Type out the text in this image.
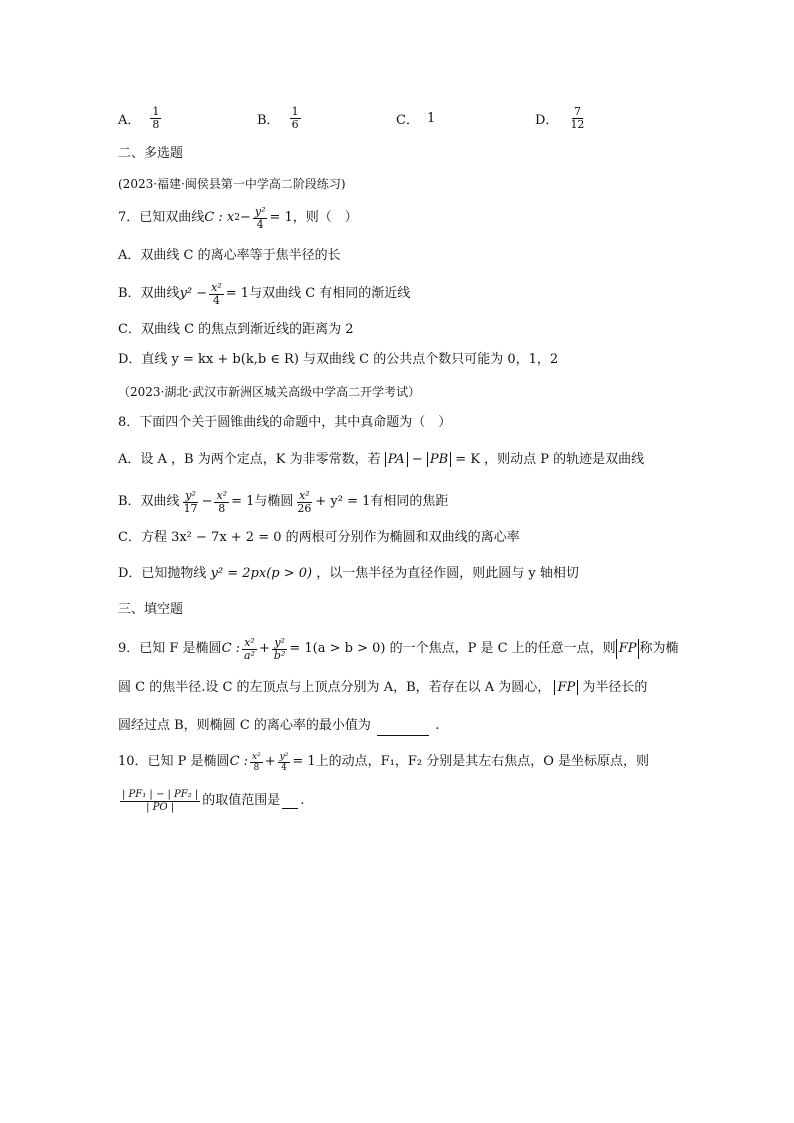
A． $\frac{1}{8}$	B． $\frac{1}{6}$	C． 1	D． $\frac{7}{12}$
二、多选题
(2023·福建·闽侯县第一中学高二阶段练习)
7．已知双曲线 C : x $2 - \frac{\text{y²}}{4} = 1$，则（　）
A．双曲线 C 的离心率等于焦半径的长
B．双曲线 $y^2 - \frac{\text{x²}}{4} = 1$与双曲线 C 有相同的渐近线
C．双曲线 C 的焦点到渐近线的距离为 2
D．直线 y = kx + b(k,b ∈ R) 与双曲线 C 的公共点个数只可能为 0，1，2
（2023·湖北·武汉市新洲区城关高级中学高二开学考试）
8．下面四个关于圆锥曲线的命题中，其中真命题为（　）
A．设 A ，B 为两个定点，K 为非零常数，若 PA − PB = K ，则动点 P 的轨迹是双曲线
B．双曲线 $\frac{\text{y²}}{17} - \frac{\text{x²}}{8} = 1$与椭圆 $\frac{\text{x²}}{26} + y^2 = 1$有相同的焦距
C．方程 3x² − 7x + 2 = 0 的两根可分别作为椭圆和双曲线的离心率
D．已知抛物线 y² = 2px(p > 0) ，以一焦半径为直径作圆，则此圆与 y 轴相切
三、填空题
9．已知 F 是椭圆 C : $\frac{\text{x²}}{\text{a²}} + \frac{\text{y²}}{\text{b²}} = 1(a > b > 0)$ 的一个焦点，P 是 C 上的任意一点，则 FP 称为椭
圆 C 的焦半径.设 C 的左顶点与上顶点分别为 A，B，若存在以 A 为圆心， FP 为半径长的
圆经过点 B，则椭圆 C 的离心率的最小值为	.
10．已知 P 是椭圆 C : $\frac{\text{x²}}{8} + \frac{\text{y²}}{4} = 1$上的动点，F₁，F₂ 分别是其左右焦点，O 是坐标原点，则
$\frac{\text{| PF₁ | − | PF₂ |}}{| PO |}$ 的取值范围是 .
